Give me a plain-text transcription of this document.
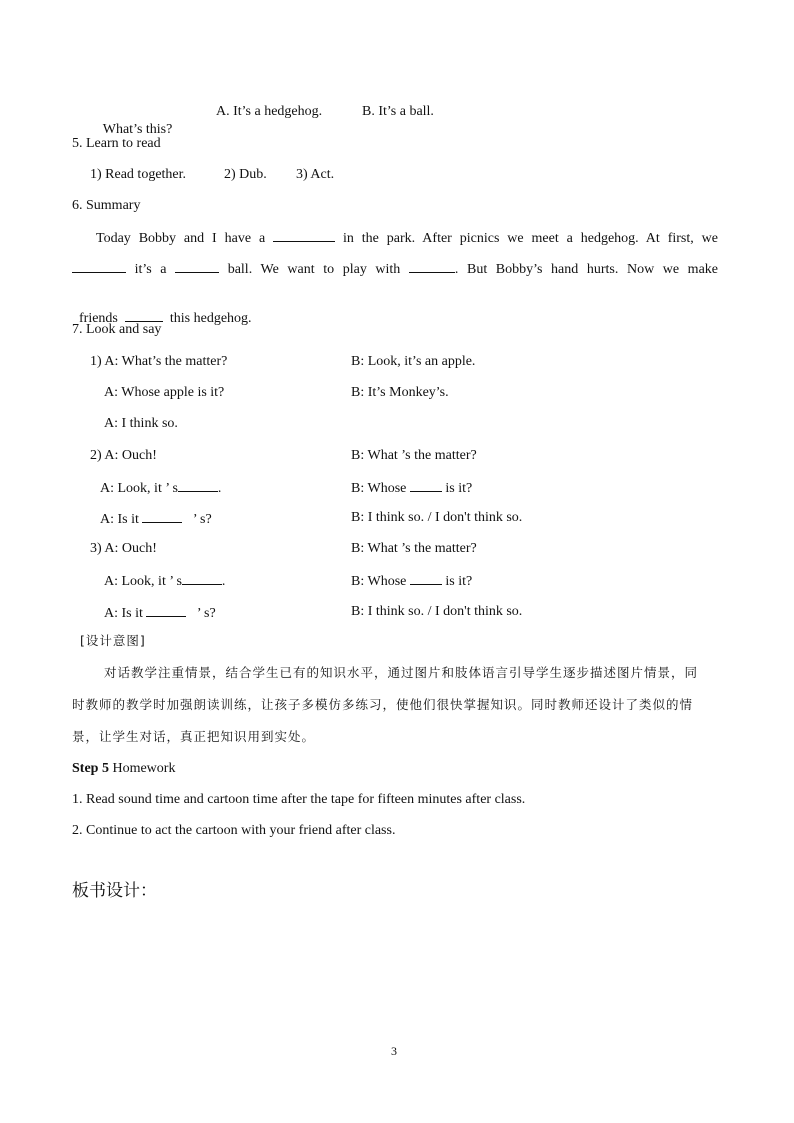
What’s this?

A. It’s a hedgehog.	B. It’s a ball.
5. Learn to read
1) Read together.	2) Dub. 3) Act.
6. Summary
Today Bobby and I have a	in the park. After picnics we meet a hedgehog. At first, we
it’s a	ball. We want to play with	. But Bobby’s hand hurts. Now we make

friends	this hedgehog.

7. Look and say
1) A: What’s the matter?	B: Look, it’s an apple.
A: Whose apple is it?	B: It’s Monkey’s.
A: I think so.
2) A: Ouch!	B: What ’s the matter?
A: Look, it ’ s	.	B: Whose	is it?
A: Is it	’ s?	B: I think so. / I don't think so.
3) A: Ouch!	B: What ’s the matter?
A: Look, it ’ s	.	B: Whose	is it?
A: Is it	’ s?	B: I think so. / I don't think so.
[设计意图]
对话教学注重情景，结合学生已有的知识水平，通过图片和肢体语言引导学生逐步描述图片情景，同
时教师的教学时加强朗读训练，让孩子多模仿多练习，使他们很快掌握知识。同时教师还设计了类似的情
景，让学生对话，真正把知识用到实处。
Step 5 Homework
1. Read sound time and cartoon time after the tape for fifteen minutes after class.
2. Continue to act the cartoon with your friend after class.
板书设计：
3
